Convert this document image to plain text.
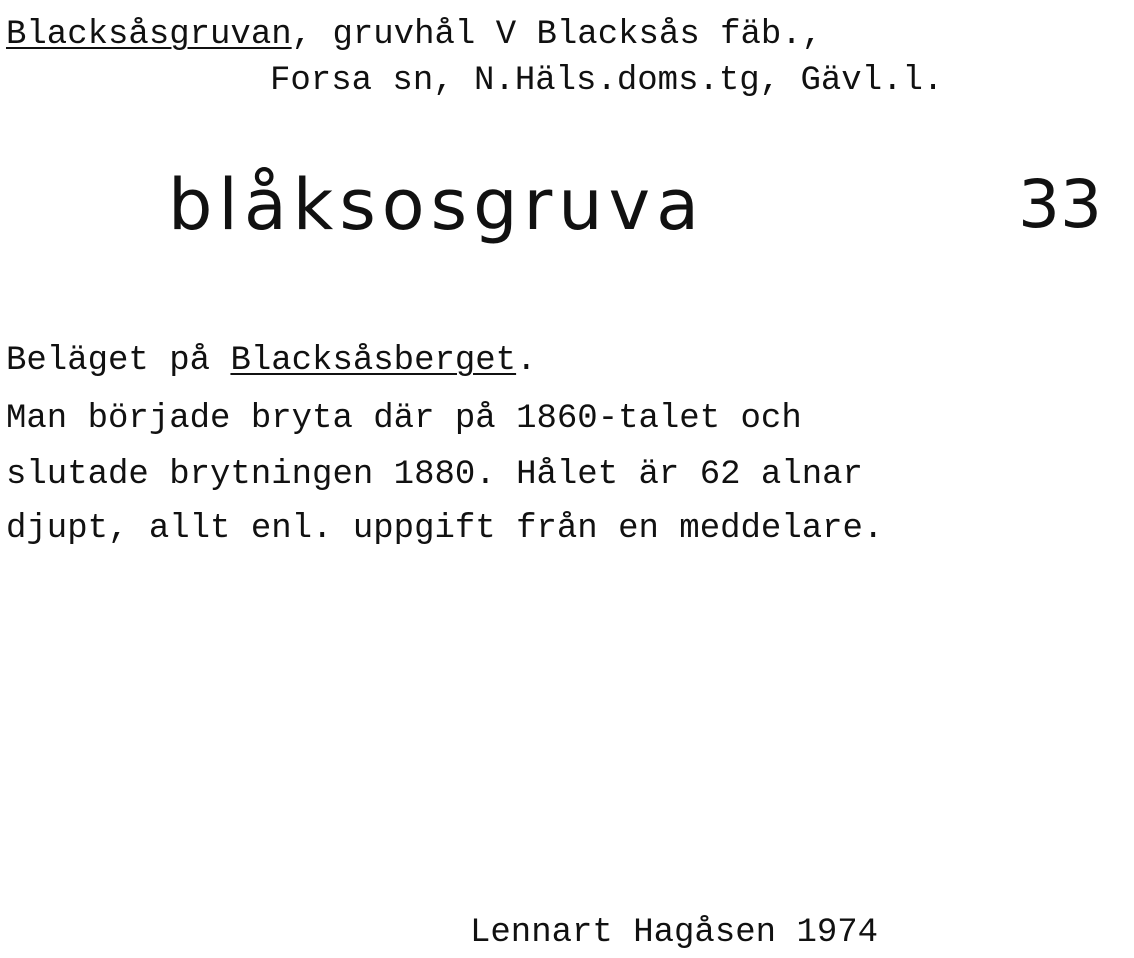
Blacksåsgruvan, gruvhål V Blacksås fäb.,
Forsa sn, N.Häls.doms.tg, Gävl.l.
blåksosgruva	33
Beläget på Blacksåsberget.
Man började bryta där på 1860-talet och
slutade brytningen 1880. Hålet är 62 alnar
djupt, allt enl. uppgift från en meddelare.
Lennart Hagåsen 1974
